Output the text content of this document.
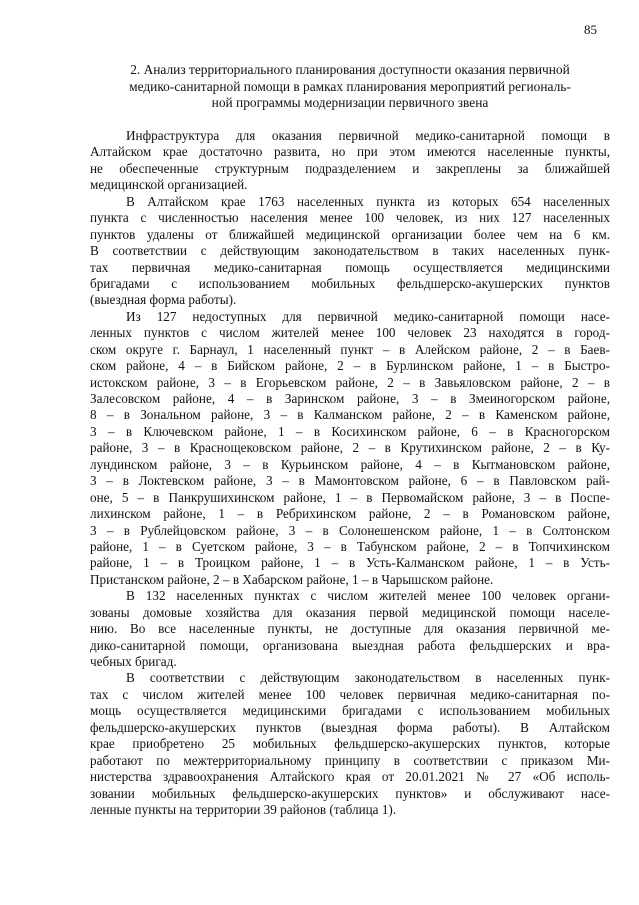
85
2. Анализ территориального планирования доступности оказания первичной
медико-санитарной помощи в рамках планирования мероприятий региональ-
ной программы модернизации первичного звена
Инфраструктура для оказания первичной медико-санитарной помощи в
Алтайском крае достаточно развита, но при этом имеются населенные пункты,
не обеспеченные структурным подразделением и закреплены за ближайшей
медицинской организацией.
В Алтайском крае 1763 населенных пункта из которых 654 населенных
пункта с численностью населения менее 100 человек, из них 127 населенных
пунктов удалены от ближайшей медицинской организации более чем на 6 км.
В соответствии с действующим законодательством в таких населенных пунк-
тах первичная медико-санитарная помощь осуществляется медицинскими
бригадами с использованием мобильных фельдшерско-акушерских пунктов
(выездная форма работы).
Из 127 недоступных для первичной медико-санитарной помощи насе-
ленных пунктов с числом жителей менее 100 человек 23 находятся в город-
ском округе г. Барнаул, 1 населенный пункт – в Алейском районе, 2 – в Баев-
ском районе, 4 – в Бийском районе, 2 – в Бурлинском районе, 1 – в Быстро-
истокском районе, 3 – в Егорьевском районе, 2 – в Завьяловском районе, 2 – в
Залесовском районе, 4 – в Заринском районе, 3 – в Змеиногорском районе,
8 – в Зональном районе, 3 – в Калманском районе, 2 – в Каменском районе,
3 – в Ключевском районе, 1 – в Косихинском районе, 6 – в Красногорском
районе, 3 – в Краснощековском районе, 2 – в Крутихинском районе, 2 – в Ку-
лундинском районе, 3 – в Курьинском районе, 4 – в Кытмановском районе,
3 – в Локтевском районе, 3 – в Мамонтовском районе, 6 – в Павловском рай-
оне, 5 – в Панкрушихинском районе, 1 – в Первомайском районе, 3 – в Поспе-
лихинском районе, 1 – в Ребрихинском районе, 2 – в Романовском районе,
3 – в Рублейцовском районе, 3 – в Солонешенском районе, 1 – в Солтонском
районе, 1 – в Суетском районе, 3 – в Табунском районе, 2 – в Топчихинском
районе, 1 – в Троицком районе, 1 – в Усть-Калманском районе, 1 – в Усть-
Пристанском районе, 2 – в Хабарском районе, 1 – в Чарышском районе.
В 132 населенных пунктах с числом жителей менее 100 человек органи-
зованы домовые хозяйства для оказания первой медицинской помощи населе-
нию. Во все населенные пункты, не доступные для оказания первичной ме-
дико-санитарной помощи, организована выездная работа фельдшерских и вра-
чебных бригад.
В соответствии с действующим законодательством в населенных пунк-
тах с числом жителей менее 100 человек первичная медико-санитарная по-
мощь осуществляется медицинскими бригадами с использованием мобильных
фельдшерско-акушерских пунктов (выездная форма работы). В Алтайском
крае приобретено 25 мобильных фельдшерско-акушерских пунктов, которые
работают по межтерриториальному принципу в соответствии с приказом Ми-
нистерства здравоохранения Алтайского края от 20.01.2021 № 27 «Об исполь-
зовании мобильных фельдшерско-акушерских пунктов» и обслуживают насе-
ленные пункты на территории 39 районов (таблица 1).
